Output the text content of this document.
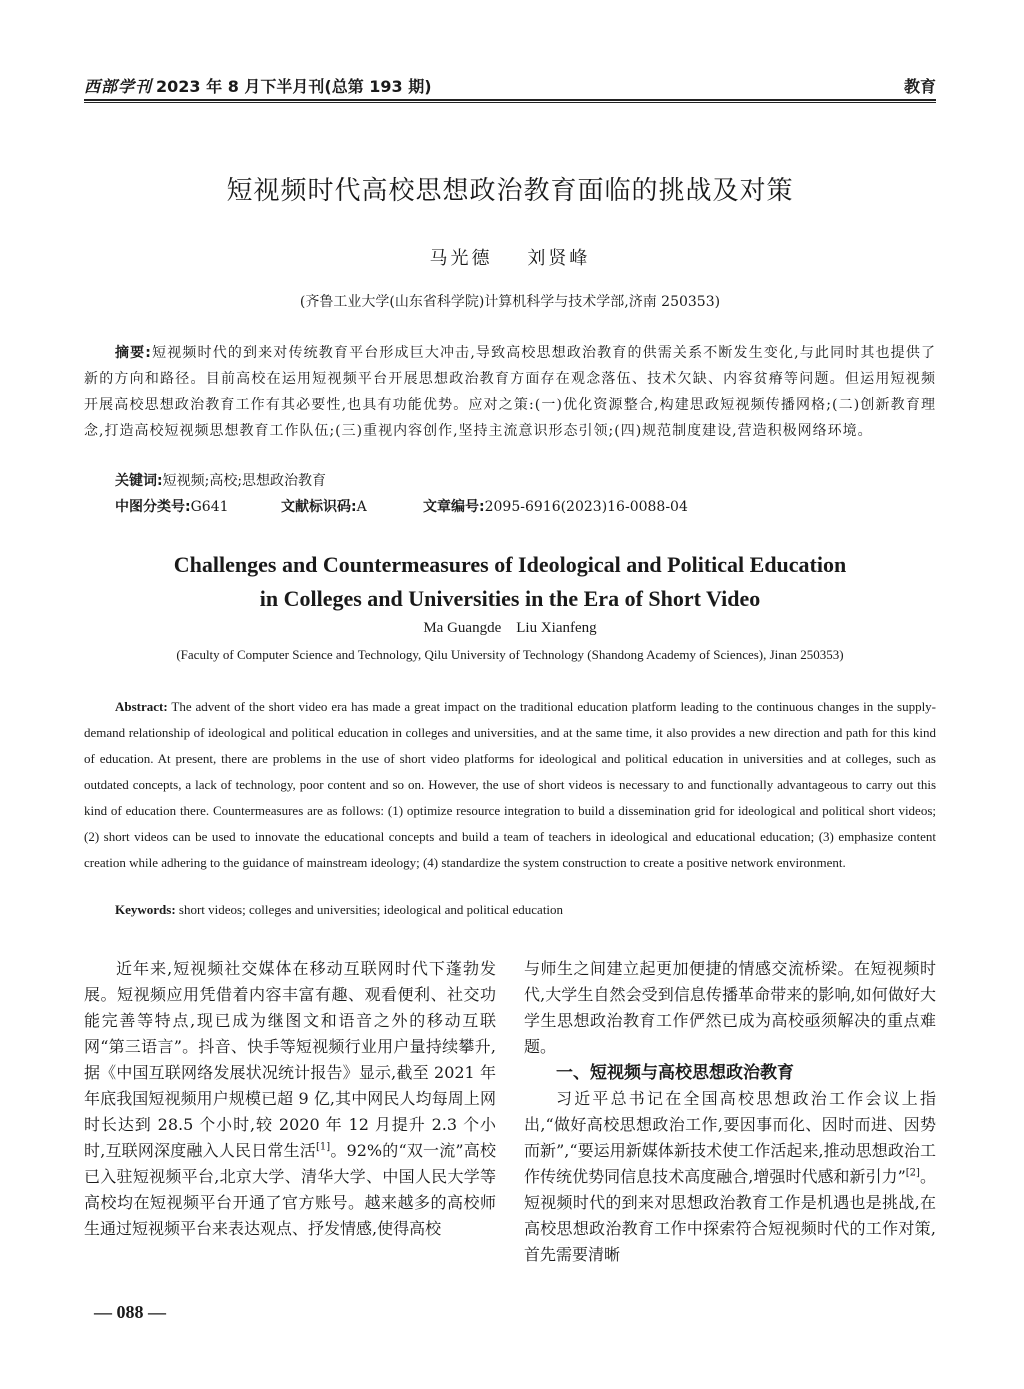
西部学刊 2023 年 8 月下半月刊(总第 193 期)	教育
短视频时代高校思想政治教育面临的挑战及对策
马光德    刘贤峰
(齐鲁工业大学(山东省科学院)计算机科学与技术学部,济南 250353)
摘要:短视频时代的到来对传统教育平台形成巨大冲击,导致高校思想政治教育的供需关系不断发生变化,与此同时其也提供了新的方向和路径。目前高校在运用短视频平台开展思想政治教育方面存在观念落伍、技术欠缺、内容贫瘠等问题。但运用短视频开展高校思想政治教育工作有其必要性,也具有功能优势。应对之策:(一)优化资源整合,构建思政短视频传播网格;(二)创新教育理念,打造高校短视频思想教育工作队伍;(三)重视内容创作,坚持主流意识形态引领;(四)规范制度建设,营造积极网络环境。
关键词:短视频;高校;思想政治教育
中图分类号:G641	文献标识码:A	文章编号:2095-6916(2023)16-0088-04
Challenges and Countermeasures of Ideological and Political Education
in Colleges and Universities in the Era of Short Video
Ma Guangde    Liu Xianfeng
(Faculty of Computer Science and Technology, Qilu University of Technology (Shandong Academy of Sciences), Jinan 250353)
Abstract: The advent of the short video era has made a great impact on the traditional education platform leading to the continuous changes in the supply-demand relationship of ideological and political education in colleges and universities, and at the same time, it also provides a new direction and path for this kind of education. At present, there are problems in the use of short video platforms for ideological and political education in universities and at colleges, such as outdated concepts, a lack of technology, poor content and so on. However, the use of short videos is necessary to and functionally advantageous to carry out this kind of education there. Countermeasures are as follows: (1) optimize resource integration to build a dissemination grid for ideological and political short videos; (2) short videos can be used to innovate the educational concepts and build a team of teachers in ideological and educational education; (3) emphasize content creation while adhering to the guidance of mainstream ideology; (4) standardize the system construction to create a positive network environment.
Keywords: short videos; colleges and universities; ideological and political education

近年来,短视频社交媒体在移动互联网时代下蓬勃发展。短视频应用凭借着内容丰富有趣、观看便利、社交功能完善等特点,现已成为继图文和语音之外的移动互联网“第三语言”。抖音、快手等短视频行业用户量持续攀升,据《中国互联网络发展状况统计报告》显示,截至 2021 年年底我国短视频用户规模已超 9 亿,其中网民人均每周上网时长达到 28.5 个小时,较 2020 年 12 月提升 2.3 个小时,互联网深度融入人民日常生活[1]。92%的“双一流”高校已入驻短视频平台,北京大学、清华大学、中国人民大学等高校均在短视频平台开通了官方账号。越来越多的高校师生通过短视频平台来表达观点、抒发情感,使得高校

与师生之间建立起更加便捷的情感交流桥梁。在短视频时代,大学生自然会受到信息传播革命带来的影响,如何做好大学生思想政治教育工作俨然已成为高校亟须解决的重点难题。

一、短视频与高校思想政治教育

习近平总书记在全国高校思想政治工作会议上指出,“做好高校思想政治工作,要因事而化、因时而进、因势而新”,“要运用新媒体新技术使工作活起来,推动思想政治工作传统优势同信息技术高度融合,增强时代感和新引力”[2]。短视频时代的到来对思想政治教育工作是机遇也是挑战,在高校思想政治教育工作中探索符合短视频时代的工作对策,首先需要清晰

— 088 —
